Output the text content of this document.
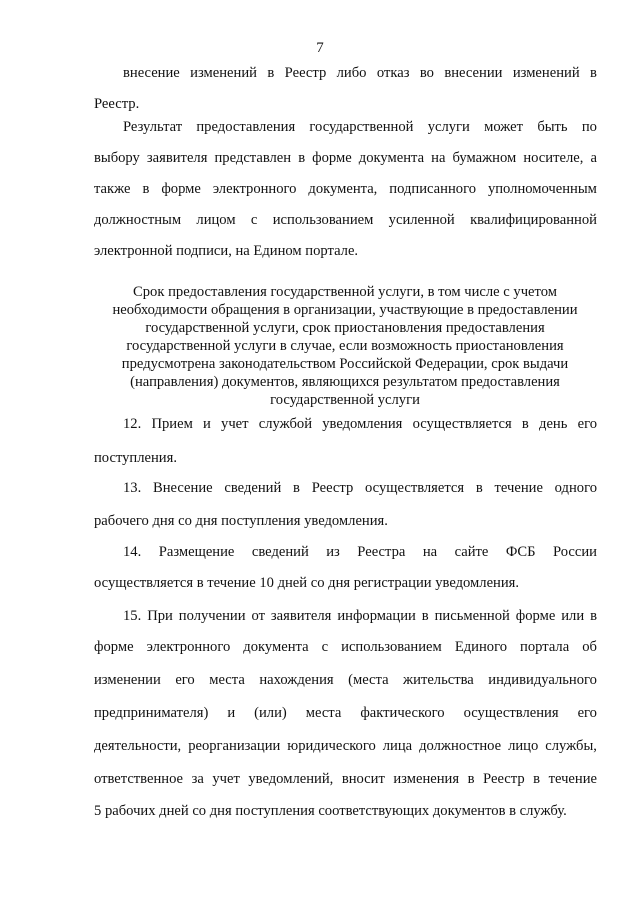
7
внесение изменений в Реестр либо отказ во внесении изменений в
Реестр.
Результат предоставления государственной услуги может быть по
выбору заявителя представлен в форме документа на бумажном носителе, а
также в форме электронного документа, подписанного уполномоченным
должностным лицом с использованием усиленной квалифицированной
электронной подписи, на Едином портале.
Срок предоставления государственной услуги, в том числе с учетом
необходимости обращения в организации, участвующие в предоставлении
государственной услуги, срок приостановления предоставления
государственной услуги в случае, если возможность приостановления
предусмотрена законодательством Российской Федерации, срок выдачи
(направления) документов, являющихся результатом предоставления
государственной услуги
12. Прием и учет службой уведомления осуществляется в день его
поступления.
13. Внесение сведений в Реестр осуществляется в течение одного
рабочего дня со дня поступления уведомления.
14. Размещение сведений из Реестра на сайте ФСБ России
осуществляется в течение 10 дней со дня регистрации уведомления.
15. При получении от заявителя информации в письменной форме или в
форме электронного документа с использованием Единого портала об
изменении его места нахождения (места жительства индивидуального
предпринимателя) и (или) места фактического осуществления его
деятельности, реорганизации юридического лица должностное лицо службы,
ответственное за учет уведомлений, вносит изменения в Реестр в течение
5 рабочих дней со дня поступления соответствующих документов в службу.
